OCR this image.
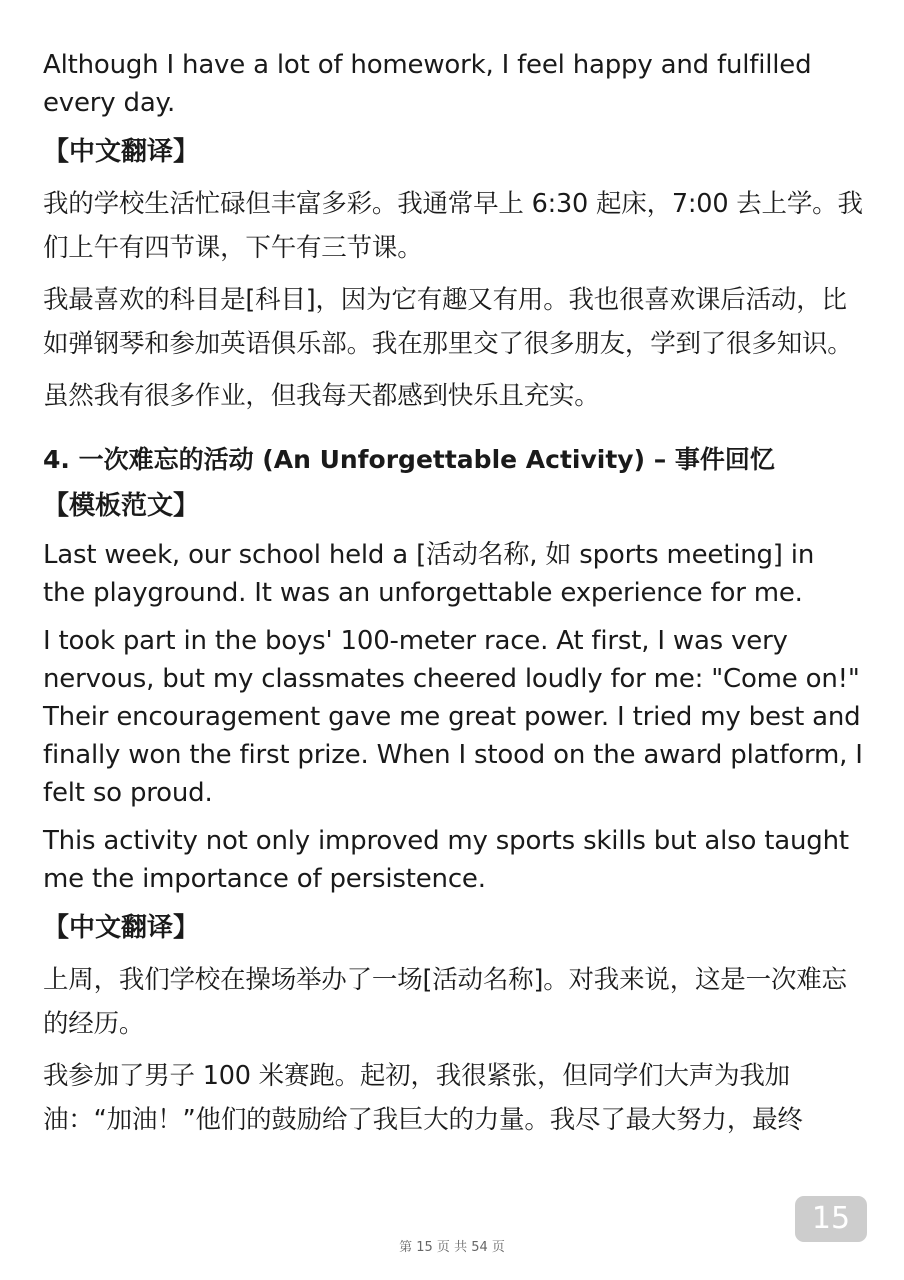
Although I have a lot of homework, I feel happy and fulfilled every day.

【中文翻译】

我的学校生活忙碌但丰富多彩。我通常早上 6:30 起床，7:00 去上学。我们上午有四节课，下午有三节课。

我最喜欢的科目是[科目]，因为它有趣又有用。我也很喜欢课后活动，比如弹钢琴和参加英语俱乐部。我在那里交了很多朋友，学到了很多知识。

虽然我有很多作业，但我每天都感到快乐且充实。

4. 一次难忘的活动 (An Unforgettable Activity) – 事件回忆
【模板范文】

Last week, our school held a [活动名称, 如 sports meeting] in the playground. It was an unforgettable experience for me.

I took part in the boys' 100-meter race. At first, I was very nervous, but my classmates cheered loudly for me: "Come on!" Their encouragement gave me great power. I tried my best and finally won the first prize. When I stood on the award platform, I felt so proud.

This activity not only improved my sports skills but also taught me the importance of persistence.

【中文翻译】

上周，我们学校在操场举办了一场[活动名称]。对我来说，这是一次难忘的经历。

我参加了男子 100 米赛跑。起初，我很紧张，但同学们大声为我加油：“加油！”他们的鼓励给了我巨大的力量。我尽了最大努力，最终

15
第 15 页 共 54 页
